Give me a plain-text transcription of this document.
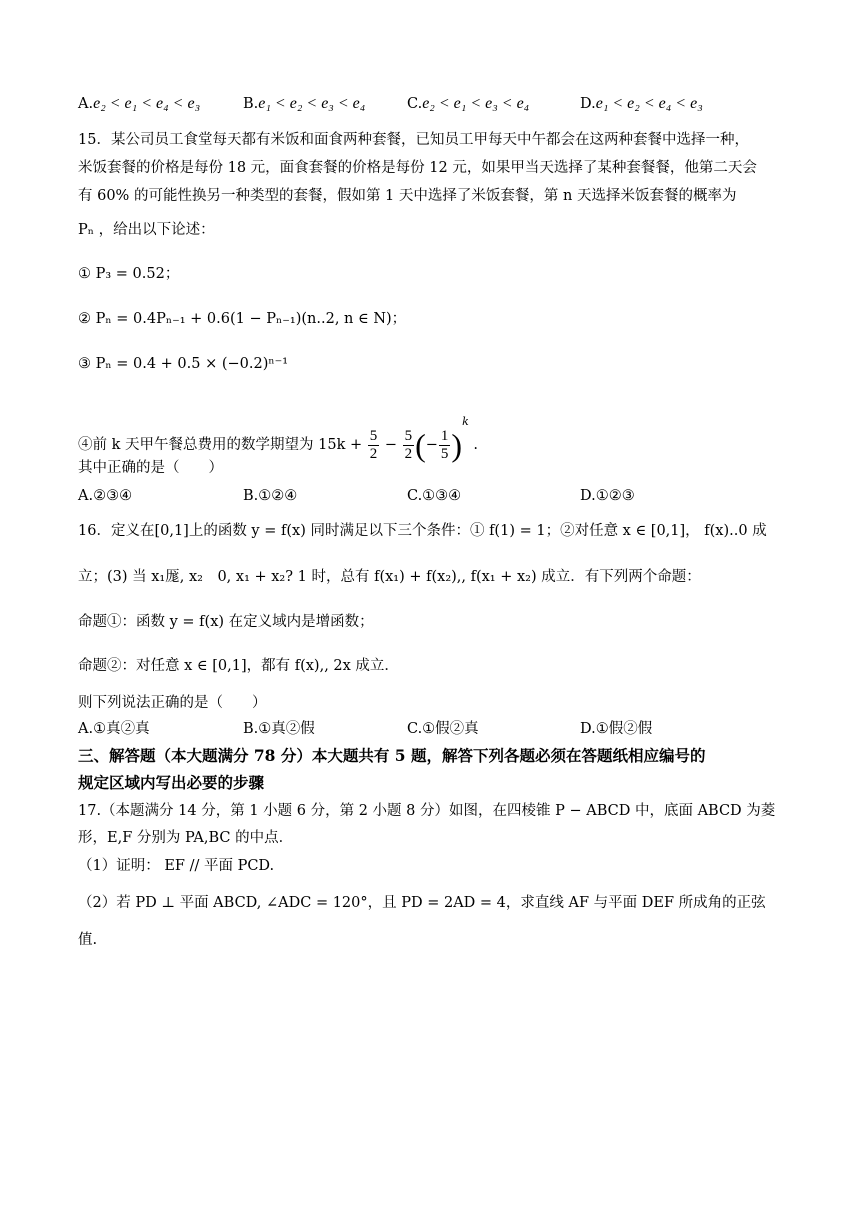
A.e₂ < e₁ < e₄ < e₃	B.e₁ < e₂ < e₃ < e₄	C.e₂ < e₁ < e₃ < e₄	D.e₁ < e₂ < e₄ < e₃
15．某公司员工食堂每天都有米饭和面食两种套餐，已知员工甲每天中午都会在这两种套餐中选择一种，
米饭套餐的价格是每份 18 元，面食套餐的价格是每份 12 元，如果甲当天选择了某种套餐餐，他第二天会
有 60% 的可能性换另一种类型的套餐，假如第 1 天中选择了米饭套餐，第 n 天选择米饭套餐的概率为
Pₙ ，给出以下论述：
① P₃ = 0.52；
② Pₙ = 0.4Pₙ₋₁ + 0.6(1 − Pₙ₋₁)(n..2, n ∈ N)；
③ Pₙ = 0.4 + 0.5 × (−0.2)ⁿ⁻¹
④前 k 天甲午餐总费用的数学期望为 $15k + \frac{5}{2} - \frac{5}{2}$ (− $\frac{1}{5} )^k$ .
其中正确的是（　　）
A.②③④	B.①②④	C.①③④	D.①②③
16．定义在[0,1]上的函数 y = f(x) 同时满足以下三个条件：① f(1) = 1；②对任意 x ∈ [0,1]， f(x)..0 成
立；(3) 当 x₁厖, x₂　0, x₁ + x₂? 1 时，总有 f(x₁) + f(x₂),, f(x₁ + x₂) 成立．有下列两个命题：
命题①：函数 y = f(x) 在定义域内是增函数；
命题②：对任意 x ∈ [0,1]，都有 f(x),, 2x 成立．
则下列说法正确的是（　　）
A.①真②真	B.①真②假	C.①假②真	D.①假②假
三、解答题（本大题满分 78 分）本大题共有 5 题，解答下列各题必须在答题纸相应编号的
规定区域内写出必要的步骤
17.（本题满分 14 分，第 1 小题 6 分，第 2 小题 8 分）如图，在四棱锥 P − ABCD 中，底面 ABCD 为菱
形，E,F 分别为 PA,BC 的中点．
（1）证明： EF // 平面 PCD.
（2）若 PD ⊥ 平面 ABCD, ∠ADC = 120°，且 PD = 2AD = 4，求直线 AF 与平面 DEF 所成角的正弦
值.
